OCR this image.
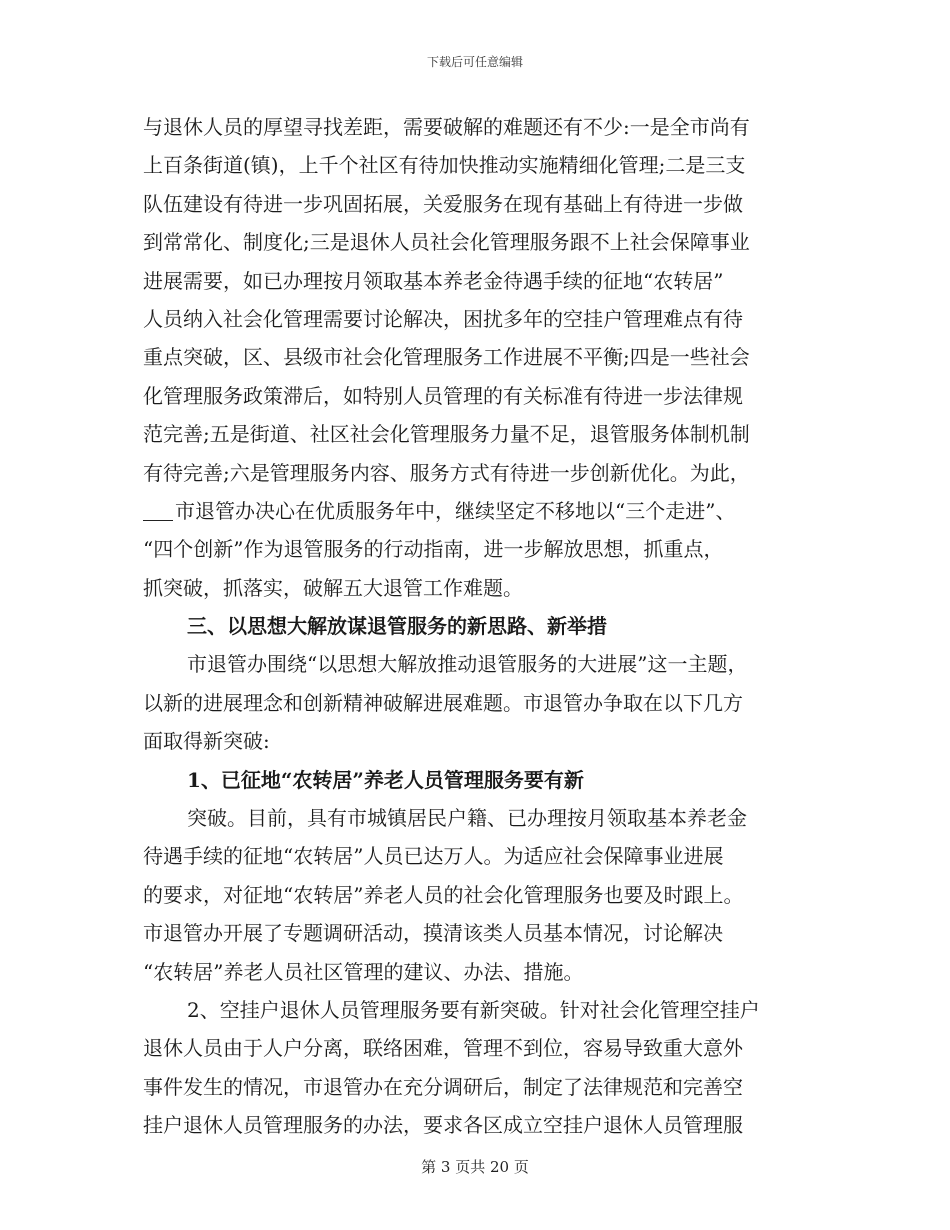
下载后可任意编辑
与退休人员的厚望寻找差距，需要破解的难题还有不少:一是全市尚有
上百条街道(镇)，上千个社区有待加快推动实施精细化管理;二是三支
队伍建设有待进一步巩固拓展，关爱服务在现有基础上有待进一步做
到常常化、制度化;三是退休人员社会化管理服务跟不上社会保障事业
进展需要，如已办理按月领取基本养老金待遇手续的征地“农转居”
人员纳入社会化管理需要讨论解决，困扰多年的空挂户管理难点有待
重点突破，区、县级市社会化管理服务工作进展不平衡;四是一些社会
化管理服务政策滞后，如特别人员管理的有关标准有待进一步法律规
范完善;五是街道、社区社会化管理服务力量不足，退管服务体制机制
有待完善;六是管理服务内容、服务方式有待进一步创新优化。为此，
市退管办决心在优质服务年中，继续坚定不移地以“三个走进”、
“四个创新”作为退管服务的行动指南，进一步解放思想，抓重点，
抓突破，抓落实，破解五大退管工作难题。
三、以思想大解放谋退管服务的新思路、新举措
市退管办围绕“以思想大解放推动退管服务的大进展”这一主题，
以新的进展理念和创新精神破解进展难题。市退管办争取在以下几方
面取得新突破:
1、已征地“农转居”养老人员管理服务要有新
突破。目前，具有市城镇居民户籍、已办理按月领取基本养老金
待遇手续的征地“农转居”人员已达万人。为适应社会保障事业进展
的要求，对征地“农转居”养老人员的社会化管理服务也要及时跟上。
市退管办开展了专题调研活动，摸清该类人员基本情况，讨论解决
“农转居”养老人员社区管理的建议、办法、措施。
2、空挂户退休人员管理服务要有新突破。针对社会化管理空挂户
退休人员由于人户分离，联络困难，管理不到位，容易导致重大意外
事件发生的情况，市退管办在充分调研后，制定了法律规范和完善空
挂户退休人员管理服务的办法，要求各区成立空挂户退休人员管理服
第 3 页共 20 页
